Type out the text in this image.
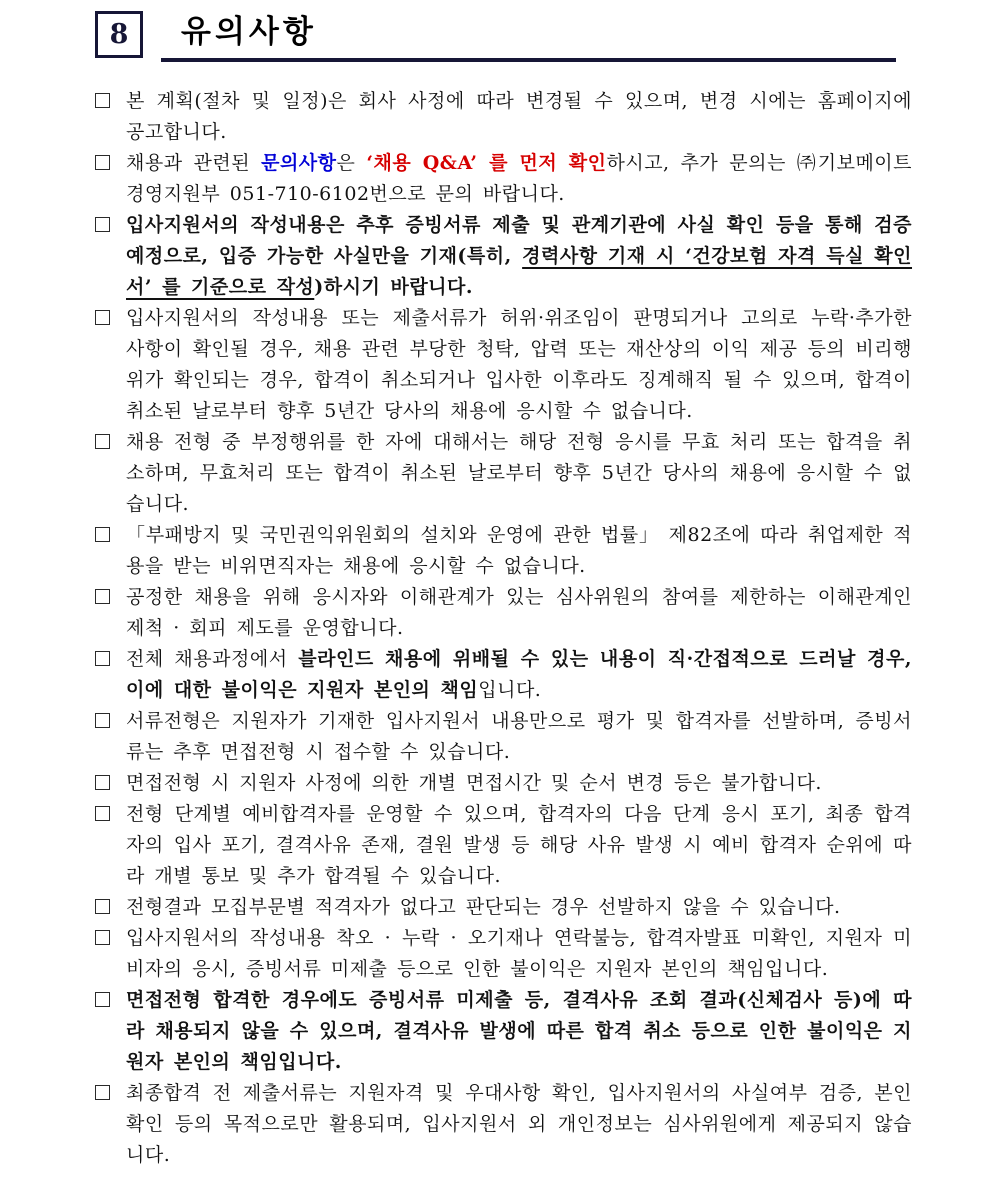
8	유의사항
본 계획(절차 및 일정)은 회사 사정에 따라 변경될 수 있으며, 변경 시에는 홈페이지에 공고합니다.
채용과 관련된 문의사항은 ‘채용 Q&A’ 를 먼저 확인하시고, 추가 문의는 ㈜기보메이트 경영지원부 051-710-6102번으로 문의 바랍니다.
입사지원서의 작성내용은 추후 증빙서류 제출 및 관계기관에 사실 확인 등을 통해 검증 예정으로, 입증 가능한 사실만을 기재(특히, 경력사항 기재 시 ‘건강보험 자격 득실 확인서’ 를 기준으로 작성)하시기 바랍니다.
입사지원서의 작성내용 또는 제출서류가 허위·위조임이 판명되거나 고의로 누락·추가한 사항이 확인될 경우, 채용 관련 부당한 청탁, 압력 또는 재산상의 이익 제공 등의 비리행위가 확인되는 경우, 합격이 취소되거나 입사한 이후라도 징계해직 될 수 있으며, 합격이 취소된 날로부터 향후 5년간 당사의 채용에 응시할 수 없습니다.
채용 전형 중 부정행위를 한 자에 대해서는 해당 전형 응시를 무효 처리 또는 합격을 취소하며, 무효처리 또는 합격이 취소된 날로부터 향후 5년간 당사의 채용에 응시할 수 없습니다.
「부패방지 및 국민권익위원회의 설치와 운영에 관한 법률」 제82조에 따라 취업제한 적용을 받는 비위면직자는 채용에 응시할 수 없습니다.
공정한 채용을 위해 응시자와 이해관계가 있는 심사위원의 참여를 제한하는 이해관계인 제척 · 회피 제도를 운영합니다.
전체 채용과정에서 블라인드 채용에 위배될 수 있는 내용이 직·간접적으로 드러날 경우, 이에 대한 불이익은 지원자 본인의 책임입니다.
서류전형은 지원자가 기재한 입사지원서 내용만으로 평가 및 합격자를 선발하며, 증빙서류는 추후 면접전형 시 접수할 수 있습니다.
면접전형 시 지원자 사정에 의한 개별 면접시간 및 순서 변경 등은 불가합니다.
전형 단계별 예비합격자를 운영할 수 있으며, 합격자의 다음 단계 응시 포기, 최종 합격자의 입사 포기, 결격사유 존재, 결원 발생 등 해당 사유 발생 시 예비 합격자 순위에 따라 개별 통보 및 추가 합격될 수 있습니다.
전형결과 모집부문별 적격자가 없다고 판단되는 경우 선발하지 않을 수 있습니다.
입사지원서의 작성내용 착오 · 누락 · 오기재나 연락불능, 합격자발표 미확인, 지원자 미비자의 응시, 증빙서류 미제출 등으로 인한 불이익은 지원자 본인의 책임입니다.
면접전형 합격한 경우에도 증빙서류 미제출 등, 결격사유 조회 결과(신체검사 등)에 따라 채용되지 않을 수 있으며, 결격사유 발생에 따른 합격 취소 등으로 인한 불이익은 지원자 본인의 책임입니다.
최종합격 전 제출서류는 지원자격 및 우대사항 확인, 입사지원서의 사실여부 검증, 본인 확인 등의 목적으로만 활용되며, 입사지원서 외 개인정보는 심사위원에게 제공되지 않습니다.
